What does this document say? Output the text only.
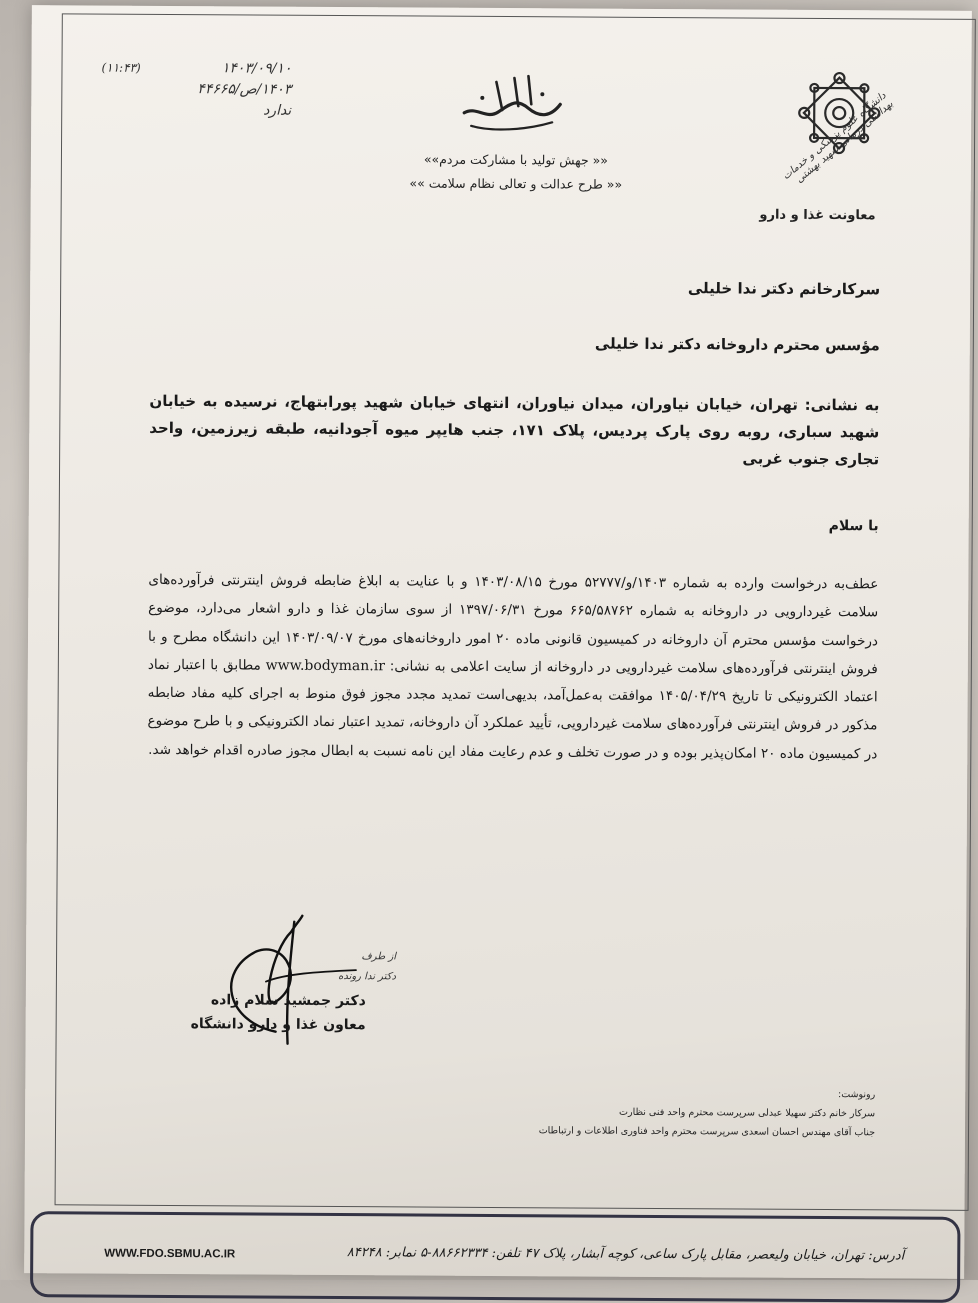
۱۴۰۳/۰۹/۱۰
۱۴۰۳/ص/۴۴۶۶۵
ندارد
(۱۱:۴۳)
«« جهش تولید با مشارکت مردم»»
«« طرح عدالت و تعالی نظام سلامت »»
دانشگاه علوم پزشکی و خدمات بهداشتی درمانی شهید بهشتی
معاونت غذا و دارو
سرکارخانم دکتر ندا خلیلی
مؤسس محترم داروخانه دکتر ندا خلیلی
به نشانی: تهران، خیابان نیاوران، میدان نیاوران، انتهای خیابان شهید پورابتهاج، نرسیده به خیابان شهید سباری، روبه روی پارک پردیس، پلاک ۱۷۱، جنب هایپر میوه آجودانیه، طبقه زیرزمین، واحد تجاری جنوب غربی
با سلام
عطف‌به درخواست وارده به شماره ۱۴۰۳/و/۵۲۷۷۷ مورخ ۱۴۰۳/۰۸/۱۵ و با عنایت به ابلاغ ضابطه فروش اینترنتی فرآورده‌های سلامت غیردارویی در داروخانه به شماره ۶۶۵/۵۸۷۶۲ مورخ ۱۳۹۷/۰۶/۳۱ از سوی سازمان غذا و دارو اشعار می‌دارد، موضوع درخواست مؤسس محترم آن داروخانه در کمیسیون قانونی ماده ۲۰ امور داروخانه‌های مورخ ۱۴۰۳/۰۹/۰۷ این دانشگاه مطرح و با فروش اینترنتی فرآورده‌های سلامت غیردارویی در داروخانه از سایت اعلامی به نشانی: www.bodyman.ir مطابق با اعتبار نماد اعتماد الکترونیکی تا تاریخ ۱۴۰۵/۰۴/۲۹ موافقت به‌عمل‌آمد، بدیهی‌است تمدید مجدد مجوز فوق منوط به اجرای کلیه مفاد ضابطه مذکور در فروش اینترنتی فرآورده‌های سلامت غیردارویی، تأیید عملکرد آن داروخانه، تمدید اعتبار نماد الکترونیکی و با طرح موضوع در کمیسیون ماده ۲۰ امکان‌پذیر بوده و در صورت تخلف و عدم رعایت مفاد این نامه نسبت به ابطال مجوز صادره اقدام خواهد شد.
از طرف
دکتر ندا رونده
دکتر جمشید سلام زاده
معاون غذا و دارو دانشگاه
رونوشت:
سرکار خانم دکتر سهیلا عبدلی سرپرست محترم واحد فنی نظارت
جناب آقای مهندس احسان اسعدی سرپرست محترم واحد فناوری اطلاعات و ارتباطات
آدرس: تهران، خیابان ولیعصر، مقابل پارک ساعی، کوچه آبشار، پلاک ۴۷ تلفن: ۸۸۶۶۲۳۳۴-۵ نمابر: ۸۴۲۴۸
WWW.FDO.SBMU.AC.IR
